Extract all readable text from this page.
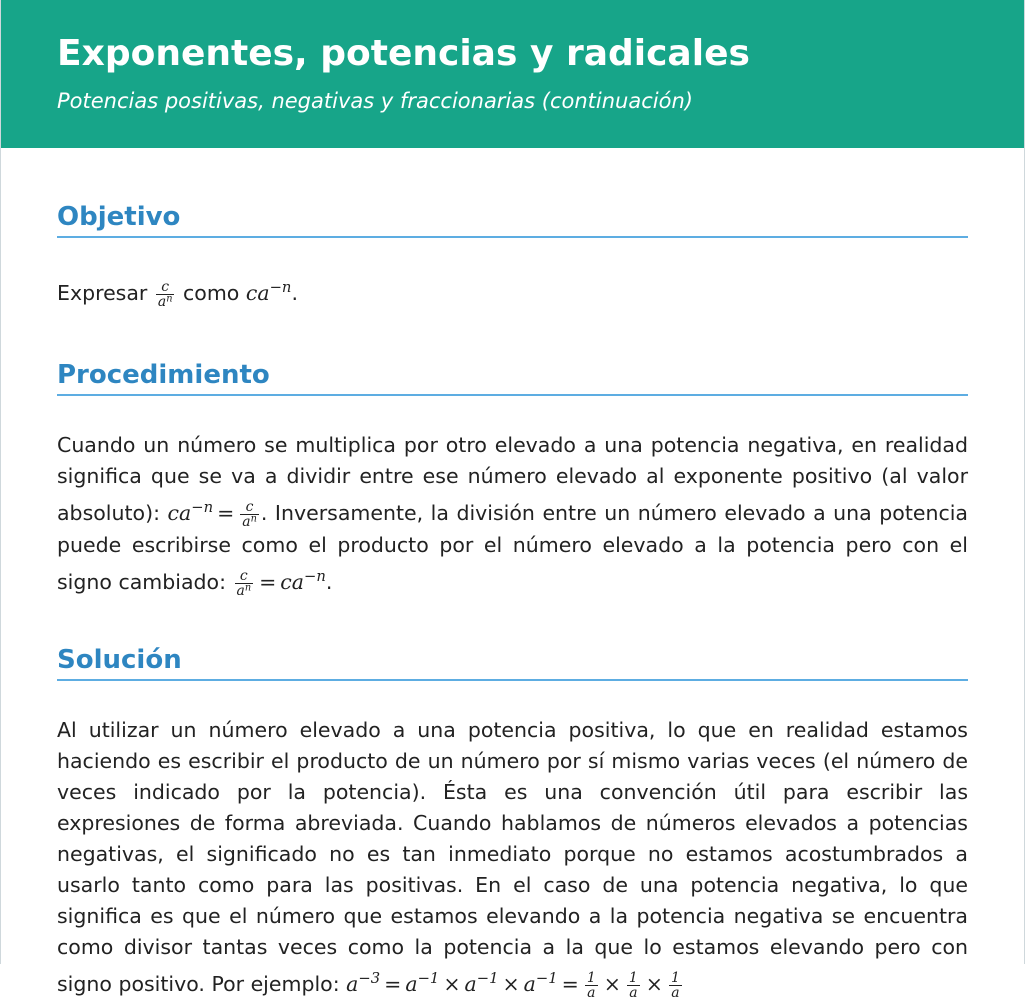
Exponentes, potencias y radicales
Potencias positivas, negativas y fraccionarias (continuación)
Objetivo

Expresar $\frac{c}{a^n}$ como $ca^{-n}$.

Procedimiento

Cuando un número se multiplica por otro elevado a una potencia negativa, en realidad significa que se va a dividir entre ese número elevado al exponente positivo (al valor absoluto): $ca^{-n} = \frac{c}{a^n}$ . Inversamente, la división entre un número elevado a una potencia puede escribirse como el producto por el número elevado a la potencia pero con el signo cambiado: $\frac{c}{a^n} = ca^{-n}$.

Solución

Al utilizar un número elevado a una potencia positiva, lo que en realidad estamos haciendo es escribir el producto de un número por sí mismo varias veces (el número de veces indicado por la potencia). Ésta es una convención útil para escribir las expresiones de forma abreviada. Cuando hablamos de números elevados a potencias negativas, el significado no es tan inmediato porque no estamos acostumbrados a usarlo tanto como para las positivas. En el caso de una potencia negativa, lo que significa es que el número que estamos elevando a la potencia negativa se encuentra como divisor tantas veces como la potencia a la que lo estamos elevando pero con signo positivo. Por ejemplo: $a^{-3} = a^{-1} \times a^{-1} \times a^{-1} = \frac{1}{a} \times \frac{1}{a} \times \frac{1}{a}$
